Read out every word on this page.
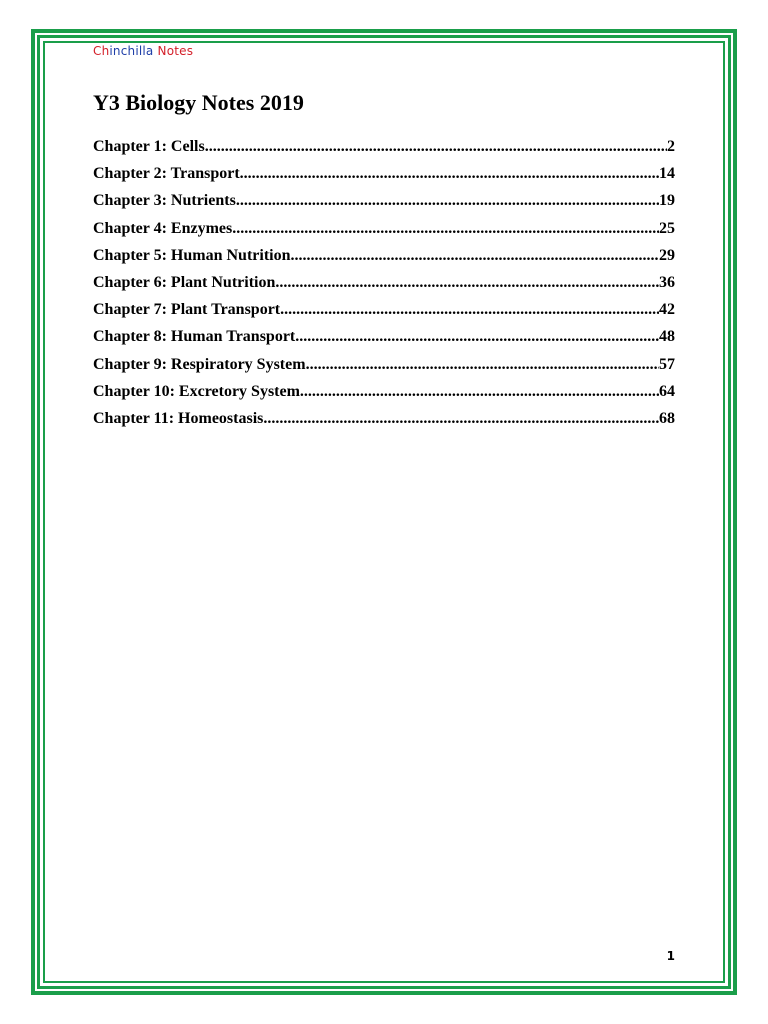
Chinchilla Notes
Y3 Biology Notes 2019
Chapter 1: Cells .....	2
Chapter 2: Transport .....	14
Chapter 3: Nutrients .....	19
Chapter 4: Enzymes .....	25
Chapter 5: Human Nutrition .....	29
Chapter 6: Plant Nutrition .....	36
Chapter 7: Plant Transport .....	42
Chapter 8: Human Transport .....	48
Chapter 9: Respiratory System .....	57
Chapter 10: Excretory System .....	64
Chapter 11: Homeostasis .....	68
1
